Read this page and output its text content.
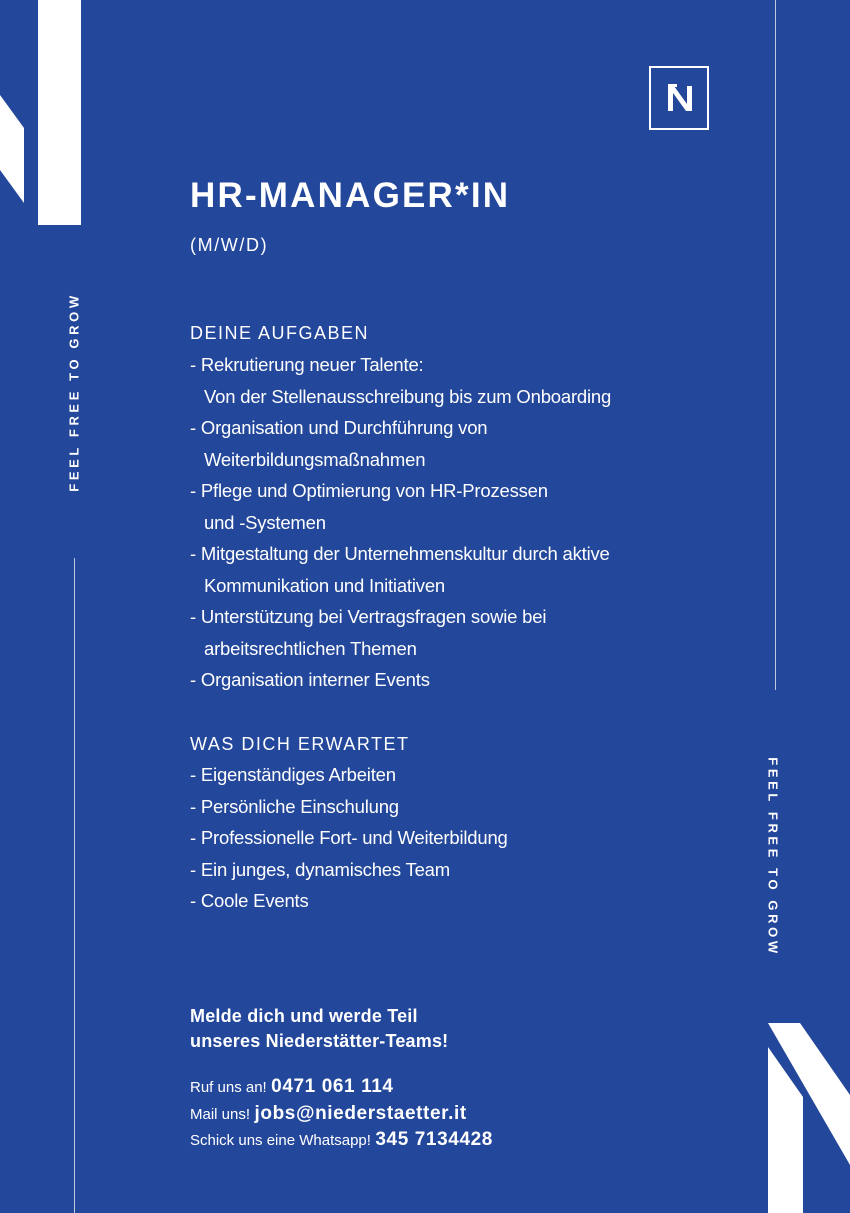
FEEL FREE TO GROW
FEEL FREE TO GROW
HR-MANAGER*IN
(M/W/D)
DEINE AUFGABEN
- Rekrutierung neuer Talente:
Von der Stellenausschreibung bis zum Onboarding
- Organisation und Durchführung von
Weiterbildungsmaßnahmen
- Pflege und Optimierung von HR-Prozessen
und -Systemen
- Mitgestaltung der Unternehmenskultur durch aktive
Kommunikation und Initiativen
- Unterstützung bei Vertragsfragen sowie bei
arbeitsrechtlichen Themen
- Organisation interner Events
WAS DICH ERWARTET
- Eigenständiges Arbeiten
- Persönliche Einschulung
- Professionelle Fort- und Weiterbildung
- Ein junges, dynamisches Team
- Coole Events
Melde dich und werde Teil
unseres Niederstätter-Teams!
Ruf uns an! 0471 061 114
Mail uns! jobs@niederstaetter.it
Schick uns eine Whatsapp! 345 7134428
